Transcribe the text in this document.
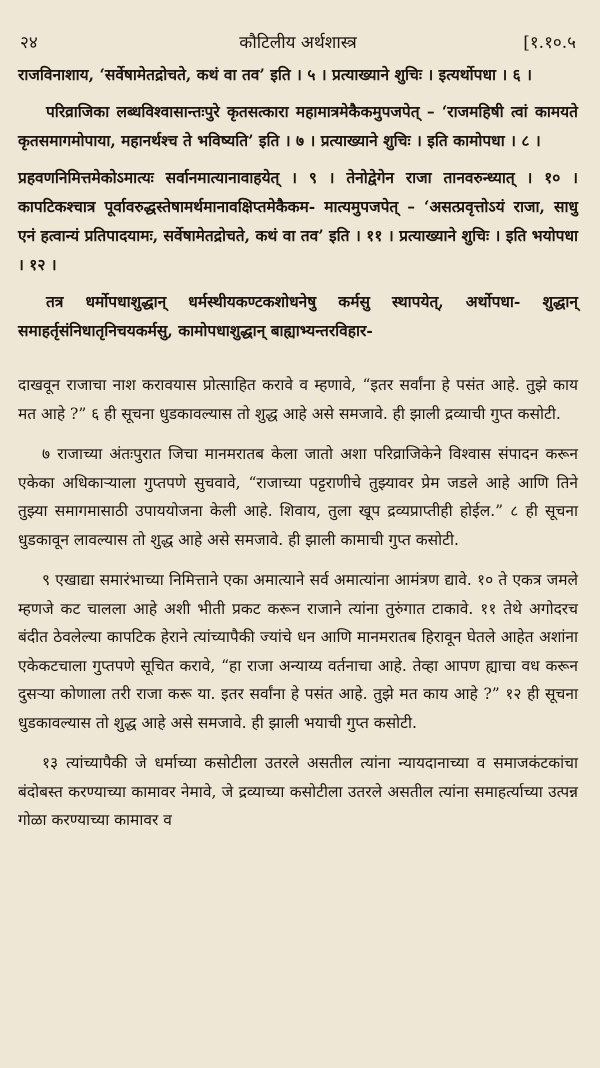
२४	कौटिलीय अर्थशास्त्र	[१.१०.५

राजविनाशाय, ‘सर्वेषामेतद्रोचते, कथं वा तव’ इति । ५ । प्रत्याख्याने शुचिः । इत्यर्थोपधा । ६ ।

परिव्राजिका लब्धविश्वासान्तःपुरे कृतसत्कारा महामात्रमेकैकमुपजपेत् – ‘राजमहिषी त्वां कामयते कृतसमागमोपाया, महानर्थश्च ते भविष्यति’ इति । ७ । प्रत्याख्याने शुचिः । इति कामोपधा । ८ ।

प्रहवणनिमित्तमेकोऽमात्यः सर्वानमात्यानावाहयेत् । ९ । तेनोद्वेगेन राजा तानवरुन्ध्यात् । १० । कापटिकश्चात्र पूर्वावरुद्धस्तेषामर्थमानावक्षिप्तमेकैकम- मात्यमुपजपेत् – ‘असत्प्रवृत्तोऽयं राजा, साधु एनं हत्वान्यं प्रतिपादयामः, सर्वेषामेतद्रोचते, कथं वा तव’ इति । ११ । प्रत्याख्याने शुचिः । इति भयोपधा । १२ ।

तत्र धर्मोपधाशुद्धान् धर्मस्थीयकण्टकशोधनेषु कर्मसु स्थापयेत्, अर्थोपधा- शुद्धान् समाहर्तृसंनिधातृनिचयकर्मसु, कामोपधाशुद्धान् बाह्याभ्यन्तरविहार-

दाखवून राजाचा नाश करावयास प्रोत्साहित करावे व म्हणावे, “इतर सर्वांना हे पसंत आहे. तुझे काय मत आहे ?” ६ ही सूचना धुडकावल्यास तो शुद्ध आहे असे समजावे. ही झाली द्रव्याची गुप्त कसोटी.

७ राजाच्या अंतःपुरात जिचा मानमरातब केला जातो अशा परिव्राजिकेने विश्वास संपादन करून एकेका अधिकाऱ्याला गुप्तपणे सुचवावे, “राजाच्या पट्टराणीचे तुझ्यावर प्रेम जडले आहे आणि तिने तुझ्या समागमासाठी उपाययोजना केली आहे. शिवाय, तुला खूप द्रव्यप्राप्तीही होईल.” ८ ही सूचना धुडकावून लावल्यास तो शुद्ध आहे असे समजावे. ही झाली कामाची गुप्त कसोटी.

९ एखाद्या समारंभाच्या निमित्ताने एका अमात्याने सर्व अमात्यांना आमंत्रण द्यावे. १० ते एकत्र जमले म्हणजे कट चालला आहे अशी भीती प्रकट करून राजाने त्यांना तुरुंगात टाकावे. ११ तेथे अगोदरच बंदीत ठेवलेल्या कापटिक हेराने त्यांच्यापैकी ज्यांचे धन आणि मानमरातब हिरावून घेतले आहेत अशांना एकेकटचाला गुप्तपणे सूचित करावे, “हा राजा अन्याय्य वर्तनाचा आहे. तेव्हा आपण ह्याचा वध करून दुसऱ्या कोणाला तरी राजा करू या. इतर सर्वांना हे पसंत आहे. तुझे मत काय आहे ?” १२ ही सूचना धुडकावल्यास तो शुद्ध आहे असे समजावे. ही झाली भयाची गुप्त कसोटी.

१३ त्यांच्यापैकी जे धर्माच्या कसोटीला उतरले असतील त्यांना न्यायदानाच्या व समाजकंटकांचा बंदोबस्त करण्याच्या कामावर नेमावे, जे द्रव्याच्या कसोटीला उतरले असतील त्यांना समाहर्त्याच्या उत्पन्न गोळा करण्याच्या कामावर व
